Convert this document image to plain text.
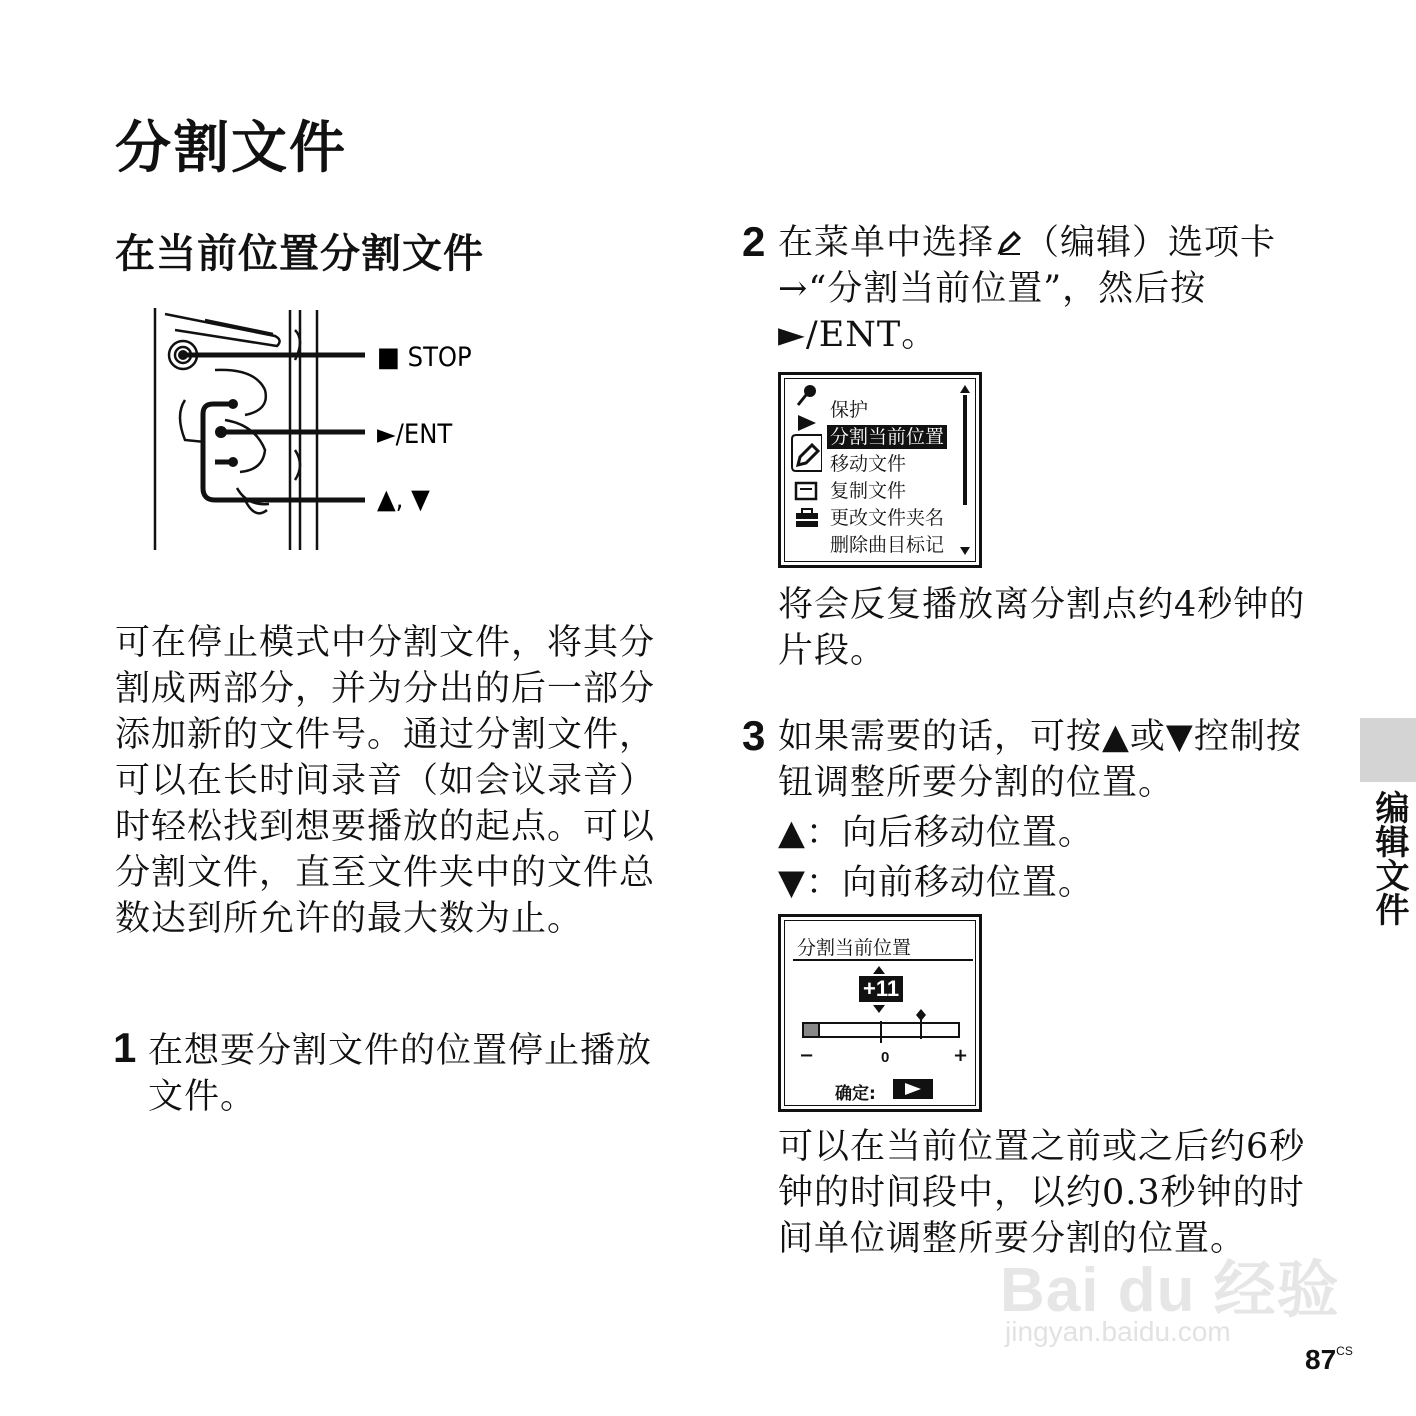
分割文件
在当前位置分割文件
■ STOP
►/ENT
▲, ▼
可在停止模式中分割文件，将其分割成两部分，并为分出的后一部分添加新的文件号。通过分割文件，可以在长时间录音（如会议录音）时轻松找到想要播放的起点。可以分割文件，直至文件夹中的文件总数达到所允许的最大数为止。
1 在想要分割文件的位置停止播放文件。
2 在菜单中选择 （编辑）选项卡→“分割当前位置”，然后按►/ENT。
保护
分割当前位置
移动文件
复制文件
更改文件夹名
删除曲目标记
将会反复播放离分割点约4秒钟的片段。
3 如果需要的话，可按▲或▼控制按钮调整所要分割的位置。
▲：向后移动位置。
▼：向前移动位置。
分割当前位置
+11
−	0	+
确定:
可以在当前位置之前或之后约6秒钟的时间段中，以约0.3秒钟的时间单位调整所要分割的位置。
编辑文件
Bai du 经验
jingyan.baidu.com
$87^{CS}$
